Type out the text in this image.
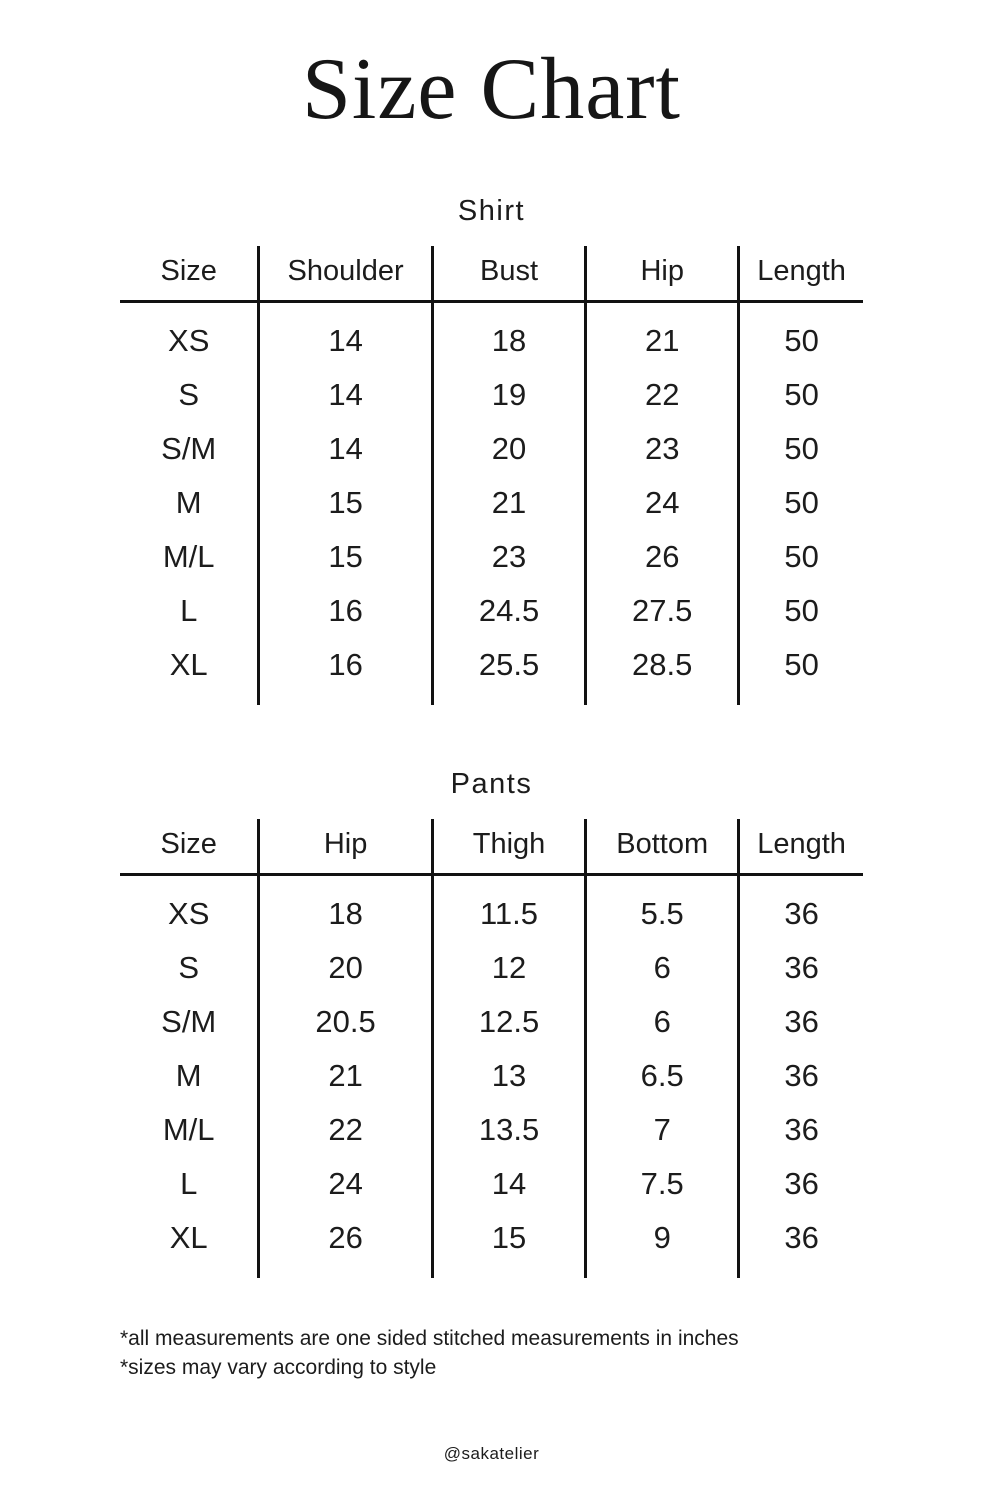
Size Chart
Shirt
Size	Shoulder	Bust	Hip	Length
XS	14	18	21	50
S	14	19	22	50
S/M	14	20	23	50
M	15	21	24	50
M/L	15	23	26	50
L	16	24.5	27.5	50
XL	16	25.5	28.5	50
Pants
Size	Hip	Thigh	Bottom	Length
XS	18	11.5	5.5	36
S	20	12	6	36
S/M	20.5	12.5	6	36
M	21	13	6.5	36
M/L	22	13.5	7	36
L	24	14	7.5	36
XL	26	15	9	36
*all measurements are one sided stitched measurements in inches
*sizes may vary according to style
@sakatelier
